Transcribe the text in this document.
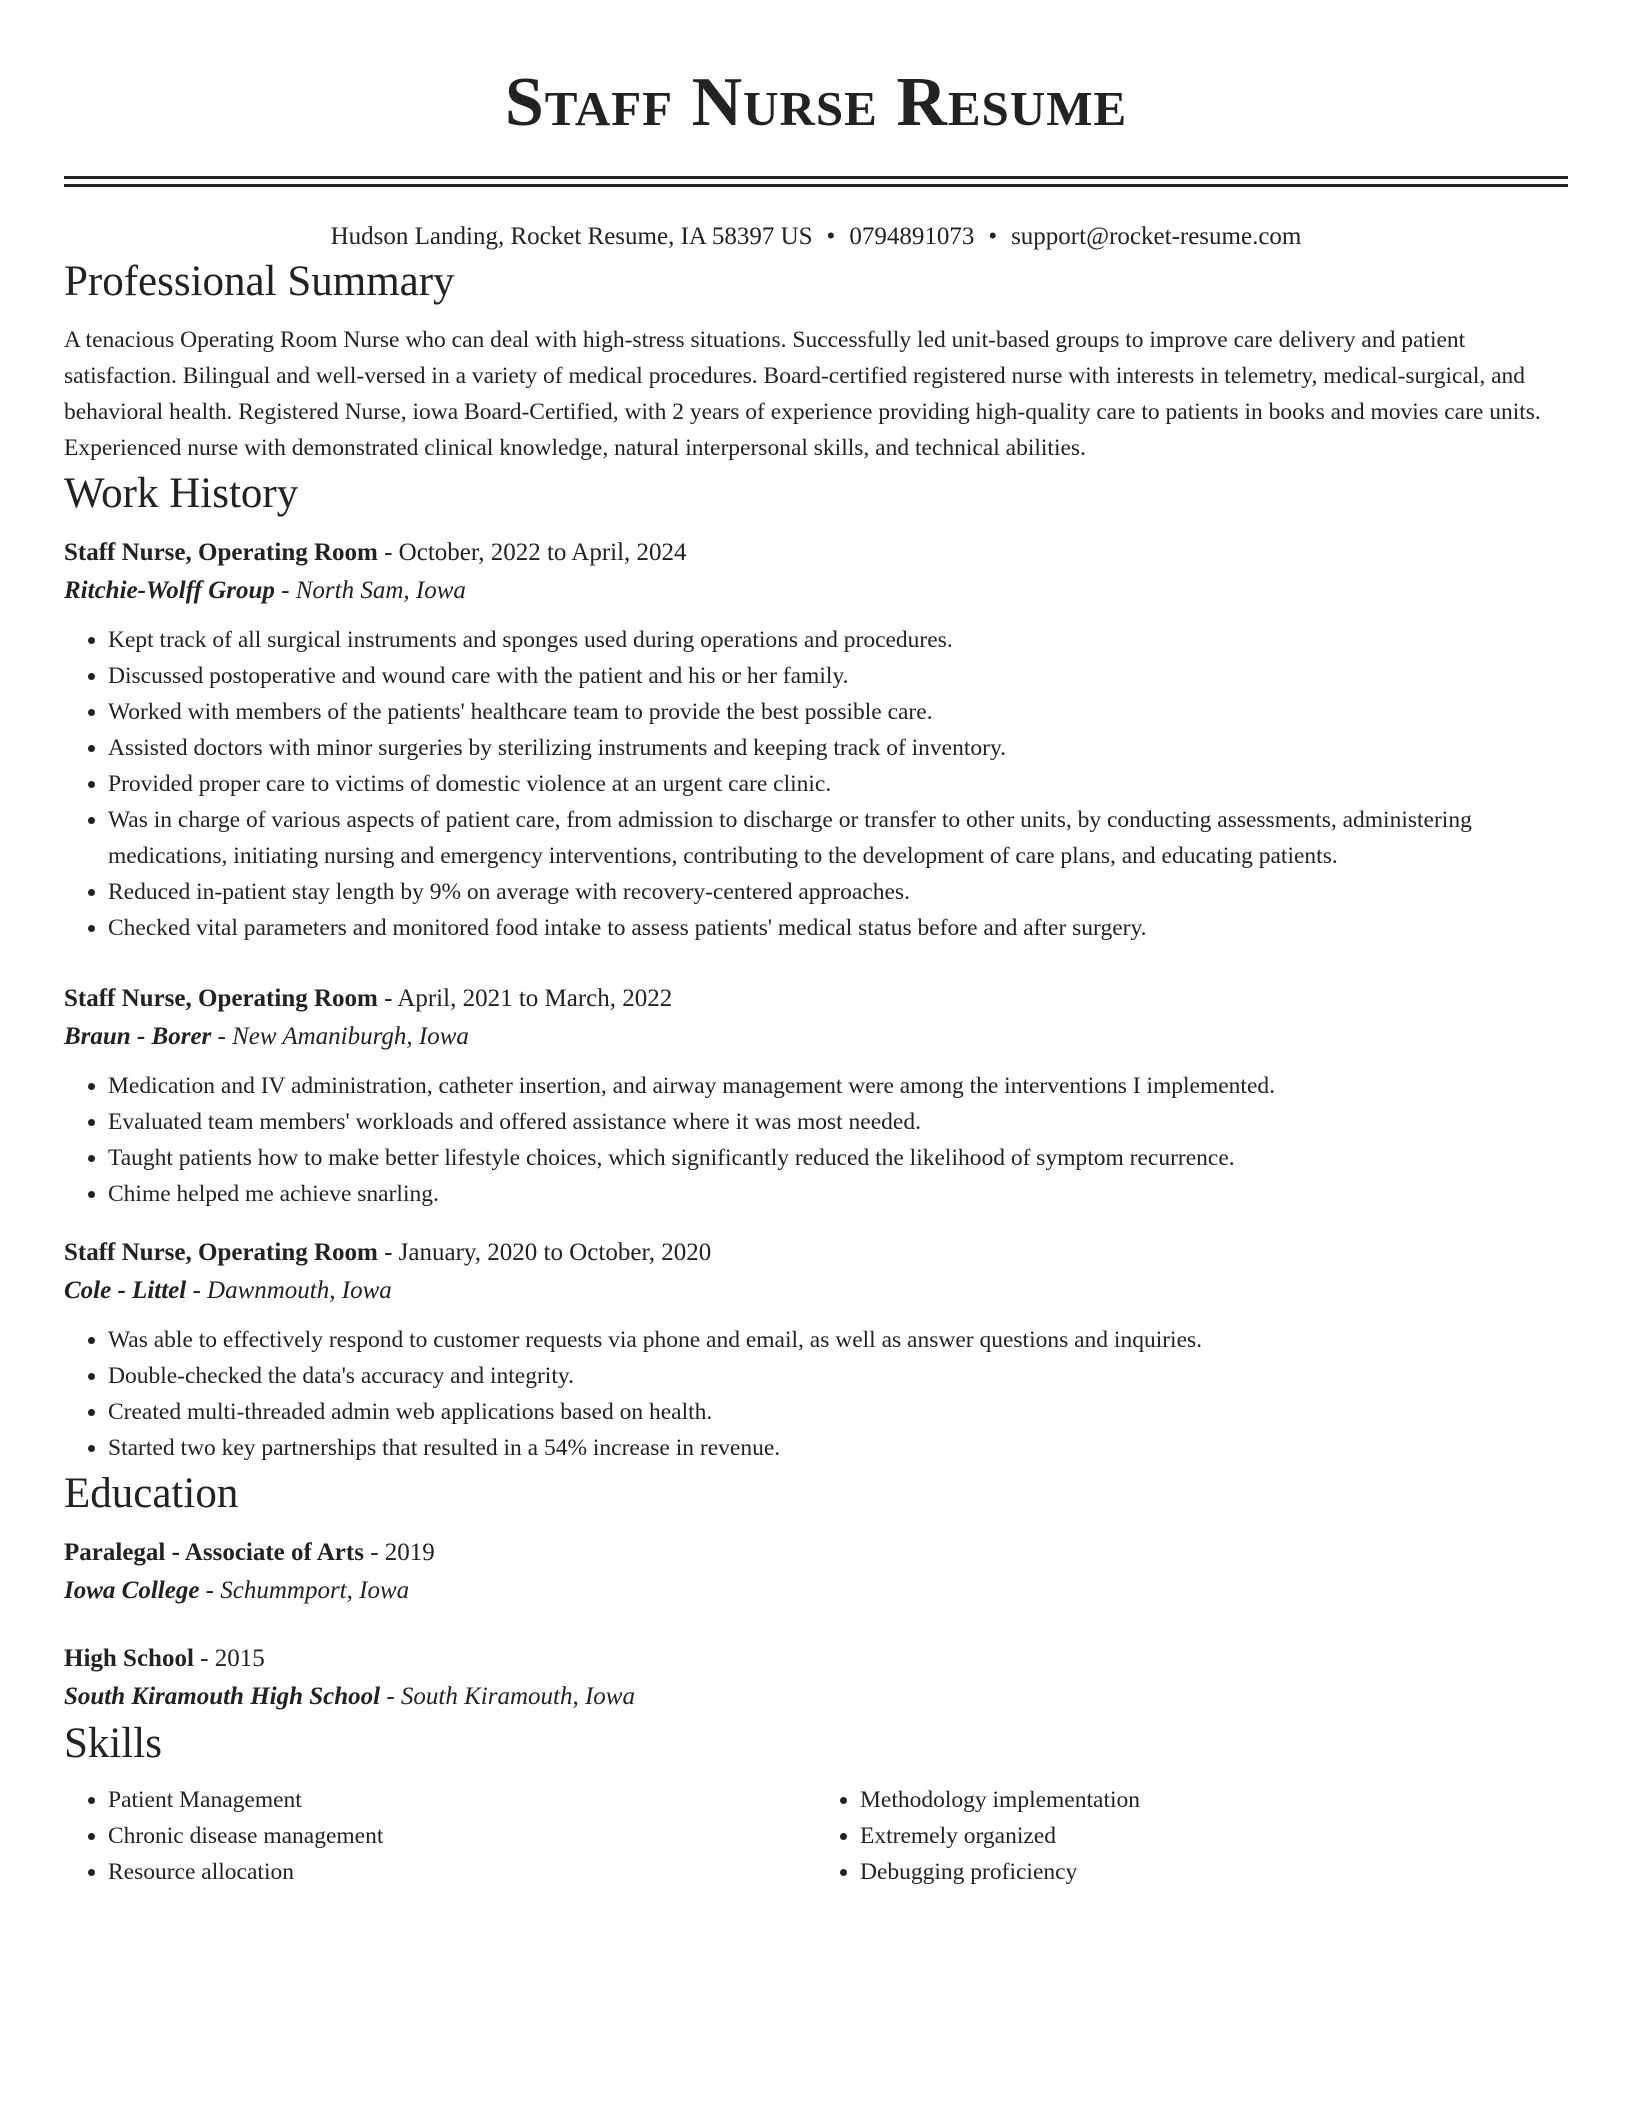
Staff Nurse Resume
Hudson Landing, Rocket Resume, IA 58397 US • 0794891073 • support@rocket-resume.com
Professional Summary

A tenacious Operating Room Nurse who can deal with high-stress situations. Successfully led unit-based groups to improve care delivery and patient satisfaction. Bilingual and well-versed in a variety of medical procedures. Board-certified registered nurse with interests in telemetry, medical-surgical, and behavioral health. Registered Nurse, iowa Board-Certified, with 2 years of experience providing high-quality care to patients in books and movies care units. Experienced nurse with demonstrated clinical knowledge, natural interpersonal skills, and technical abilities.

Work History
Staff Nurse, Operating Room - October, 2022 to April, 2024
Ritchie-Wolff Group - North Sam, Iowa
• Kept track of all surgical instruments and sponges used during operations and procedures.
• Discussed postoperative and wound care with the patient and his or her family.
• Worked with members of the patients' healthcare team to provide the best possible care.
• Assisted doctors with minor surgeries by sterilizing instruments and keeping track of inventory.
• Provided proper care to victims of domestic violence at an urgent care clinic.
• Was in charge of various aspects of patient care, from admission to discharge or transfer to other units, by conducting assessments, administering medications, initiating nursing and emergency interventions, contributing to the development of care plans, and educating patients.
• Reduced in-patient stay length by 9% on average with recovery-centered approaches.
• Checked vital parameters and monitored food intake to assess patients' medical status before and after surgery.
Staff Nurse, Operating Room - April, 2021 to March, 2022
Braun - Borer - New Amaniburgh, Iowa
• Medication and IV administration, catheter insertion, and airway management were among the interventions I implemented.
• Evaluated team members' workloads and offered assistance where it was most needed.
• Taught patients how to make better lifestyle choices, which significantly reduced the likelihood of symptom recurrence.
• Chime helped me achieve snarling.
Staff Nurse, Operating Room - January, 2020 to October, 2020
Cole - Littel - Dawnmouth, Iowa
• Was able to effectively respond to customer requests via phone and email, as well as answer questions and inquiries.
• Double-checked the data's accuracy and integrity.
• Created multi-threaded admin web applications based on health.
• Started two key partnerships that resulted in a 54% increase in revenue.
Education
Paralegal - Associate of Arts - 2019
Iowa College - Schummport, Iowa
High School - 2015
South Kiramouth High School - South Kiramouth, Iowa
Skills
• Patient Management
• Chronic disease management
• Resource allocation
• Methodology implementation
• Extremely organized
• Debugging proficiency
